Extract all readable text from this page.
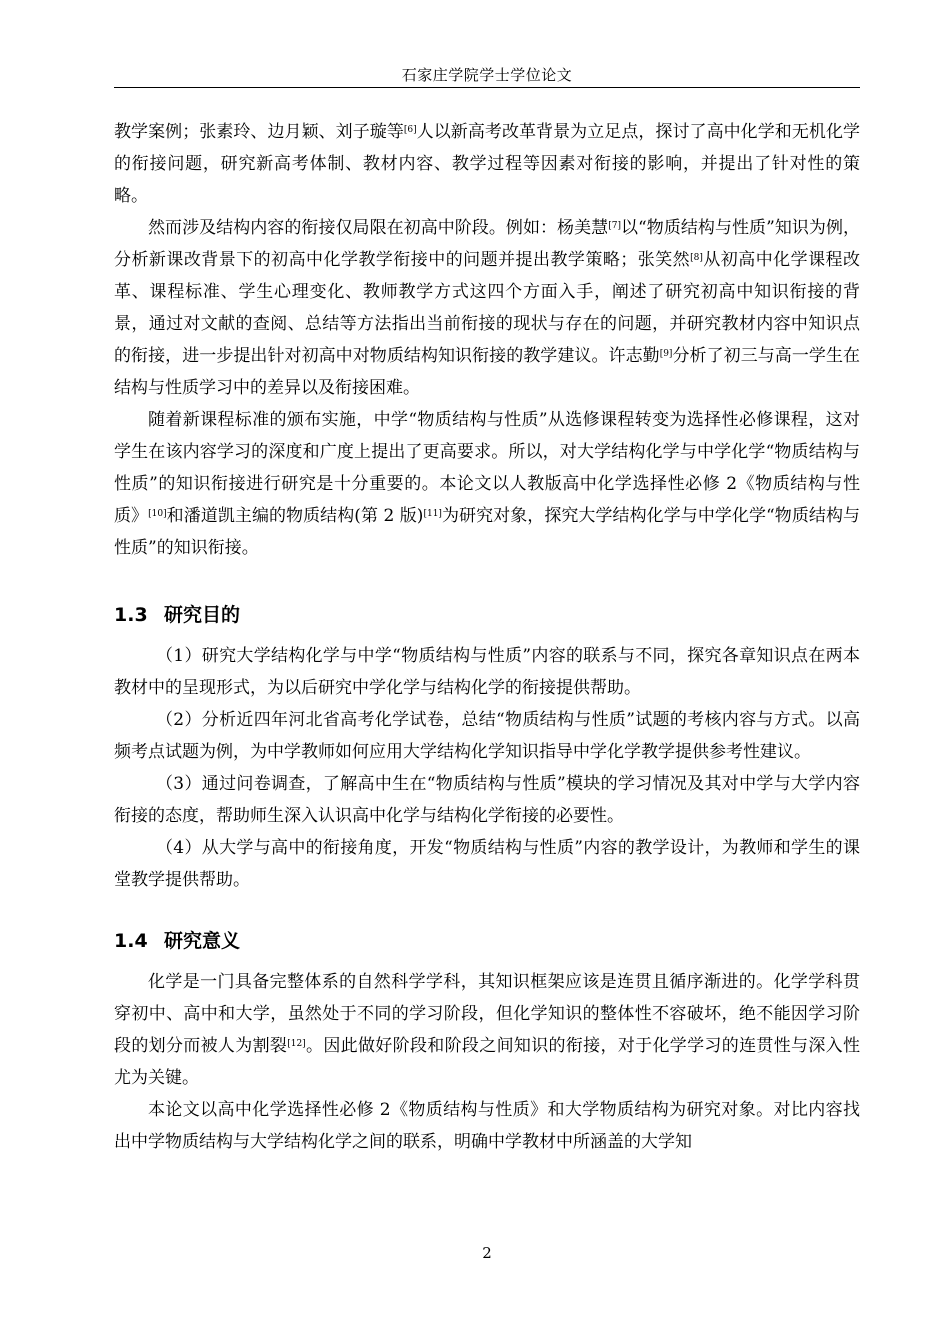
石家庄学院学士学位论文

教学案例；张素玲、边月颖、刘子璇等[6]人以新高考改革背景为立足点，探讨了高中化学和无机化学的衔接问题，研究新高考体制、教材内容、教学过程等因素对衔接的影响，并提出了针对性的策略。

然而涉及结构内容的衔接仅局限在初高中阶段。例如：杨美慧[7]以“物质结构与性质”知识为例，分析新课改背景下的初高中化学教学衔接中的问题并提出教学策略；张笑然[8]从初高中化学课程改革、课程标准、学生心理变化、教师教学方式这四个方面入手，阐述了研究初高中知识衔接的背景，通过对文献的查阅、总结等方法指出当前衔接的现状与存在的问题，并研究教材内容中知识点的衔接，进一步提出针对初高中对物质结构知识衔接的教学建议。许志勤[9]分析了初三与高一学生在结构与性质学习中的差异以及衔接困难。

随着新课程标准的颁布实施，中学“物质结构与性质”从选修课程转变为选择性必修课程，这对学生在该内容学习的深度和广度上提出了更高要求。所以，对大学结构化学与中学化学“物质结构与性质”的知识衔接进行研究是十分重要的。本论文以人教版高中化学选择性必修 2《物质结构与性质》[10]和潘道凯主编的物质结构(第 2 版)[11]为研究对象，探究大学结构化学与中学化学“物质结构与性质”的知识衔接。

1.3 研究目的

（1）研究大学结构化学与中学“物质结构与性质”内容的联系与不同，探究各章知识点在两本教材中的呈现形式，为以后研究中学化学与结构化学的衔接提供帮助。

（2）分析近四年河北省高考化学试卷，总结“物质结构与性质”试题的考核内容与方式。以高频考点试题为例，为中学教师如何应用大学结构化学知识指导中学化学教学提供参考性建议。

（3）通过问卷调查，了解高中生在“物质结构与性质”模块的学习情况及其对中学与大学内容衔接的态度，帮助师生深入认识高中化学与结构化学衔接的必要性。

（4）从大学与高中的衔接角度，开发“物质结构与性质”内容的教学设计，为教师和学生的课堂教学提供帮助。

1.4 研究意义

化学是一门具备完整体系的自然科学学科，其知识框架应该是连贯且循序渐进的。化学学科贯穿初中、高中和大学，虽然处于不同的学习阶段，但化学知识的整体性不容破坏，绝不能因学习阶段的划分而被人为割裂[12]。因此做好阶段和阶段之间知识的衔接，对于化学学习的连贯性与深入性尤为关键。

本论文以高中化学选择性必修 2《物质结构与性质》和大学物质结构为研究对象。对比内容找出中学物质结构与大学结构化学之间的联系，明确中学教材中所涵盖的大学知

2
